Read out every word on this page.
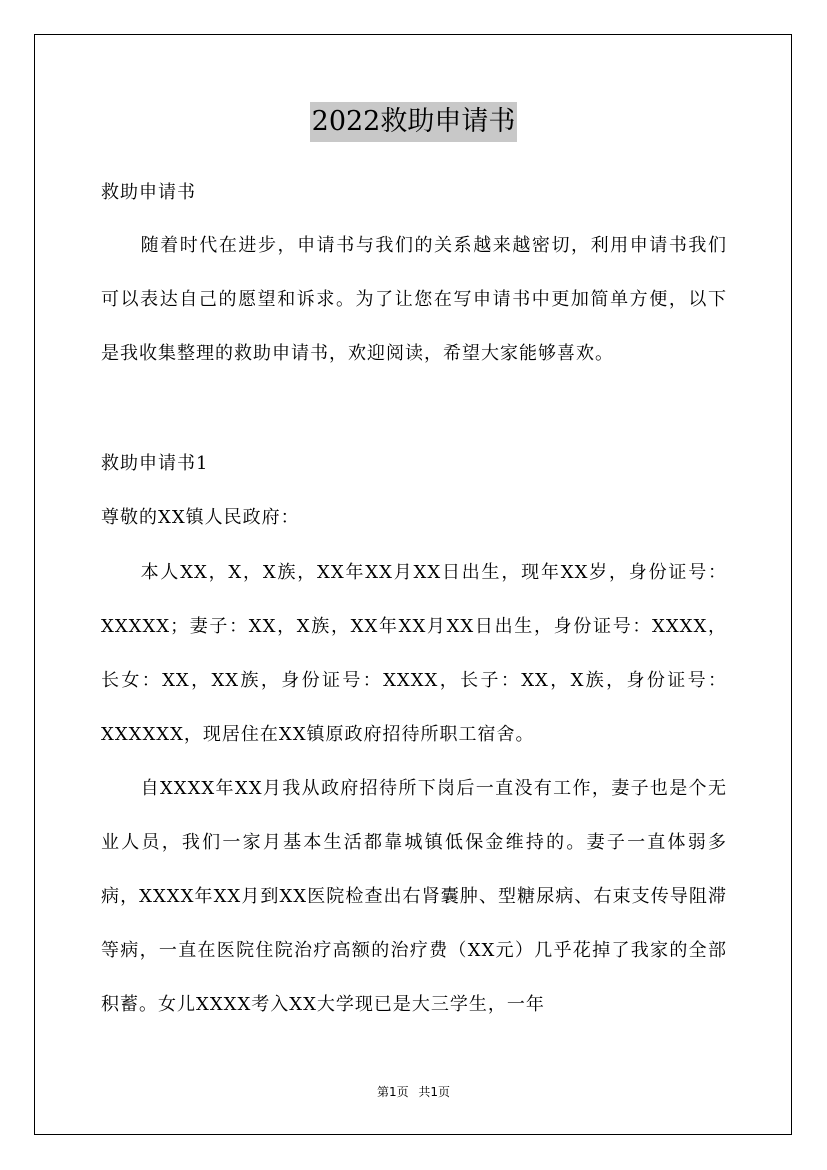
2022救助申请书
救助申请书

随着时代在进步，申请书与我们的关系越来越密切，利用申请书我们可以表达自己的愿望和诉求。为了让您在写申请书中更加简单方便，以下是我收集整理的救助申请书，欢迎阅读，希望大家能够喜欢。

救助申请书1
尊敬的XX镇人民政府：

本人XX，X，X族，XX年XX月XX日出生，现年XX岁，身份证号：XXXXX；妻子：XX，X族，XX年XX月XX日出生，身份证号：XXXX，长女：XX，XX族，身份证号：XXXX，长子：XX，X族，身份证号：XXXXXX，现居住在XX镇原政府招待所职工宿舍。

自XXXX年XX月我从政府招待所下岗后一直没有工作，妻子也是个无业人员，我们一家月基本生活都靠城镇低保金维持的。妻子一直体弱多病，XXXX年XX月到XX医院检查出右肾囊肿、型糖尿病、右束支传导阻滞等病，一直在医院住院治疗高额的治疗费（XX元）几乎花掉了我家的全部积蓄。女儿XXXX考入XX大学现已是大三学生，一年

第1页 共1页
